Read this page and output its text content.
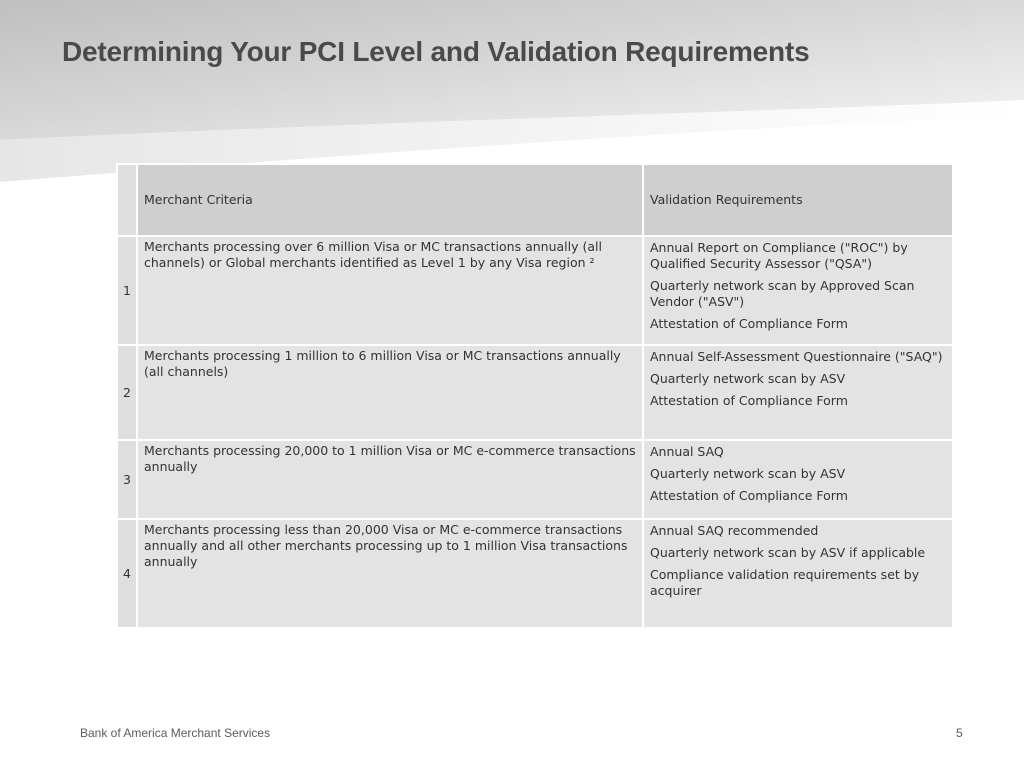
Determining Your PCI Level and Validation Requirements
	Merchant Criteria	Validation Requirements
1	Merchants processing over 6 million Visa or MC transactions annually (all channels) or Global merchants identified as Level 1 by any Visa region ²	Annual Report on Compliance ("ROC") by Qualified Security Assessor ("QSA")
Quarterly network scan by Approved Scan Vendor ("ASV")
Attestation of Compliance Form

2	Merchants processing 1 million to 6 million Visa or MC transactions annually (all channels)	Annual Self-Assessment Questionnaire ("SAQ")
Quarterly network scan by ASV
Attestation of Compliance Form

3	Merchants processing 20,000 to 1 million Visa or MC e-commerce transactions annually	Annual SAQ
Quarterly network scan by ASV
Attestation of Compliance Form

4	Merchants processing less than 20,000 Visa or MC e-commerce transactions annually and all other merchants processing up to 1 million Visa transactions annually	Annual SAQ recommended
Quarterly network scan by ASV if applicable
Compliance validation requirements set by acquirer
Bank of America Merchant Services	5
